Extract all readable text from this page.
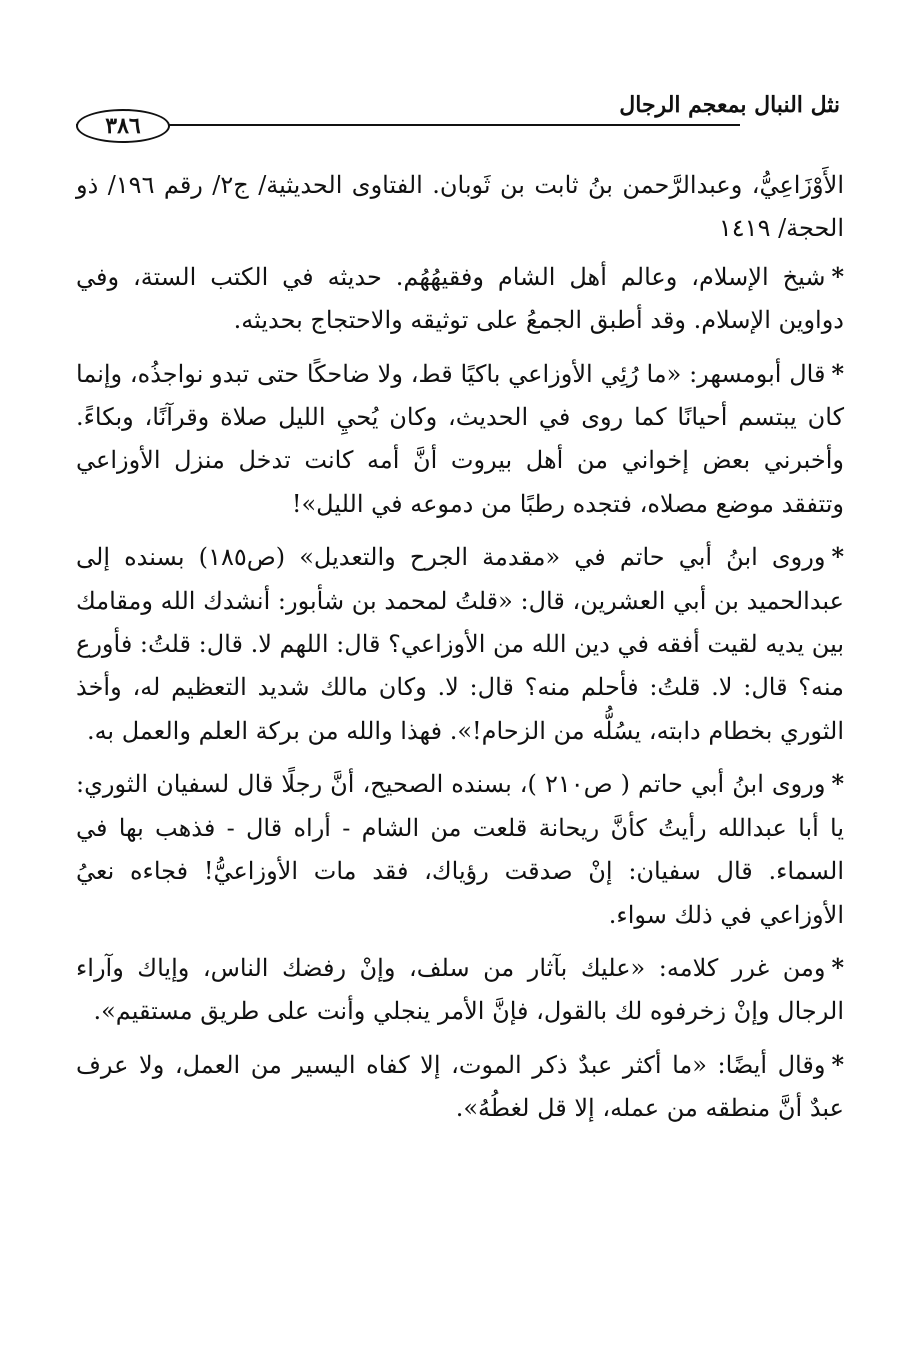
نثل النبال بمعجم الرجال
٣٨٦

الأَوْزَاعِيُّ، وعبدالرَّحمن بنُ ثابت بن ثَوبان. الفتاوى الحديثية/ ج٢/ رقم ١٩٦/ ذو الحجة/ ١٤١٩

*شيخ الإسلام، وعالم أهل الشام وفقيهُهُم. حديثه في الكتب الستة، وفي دواوين الإسلام. وقد أطبق الجمعُ على توثيقه والاحتجاج بحديثه.

*قال أبومسهر: «ما رُئِي الأوزاعي باكيًا قط، ولا ضاحكًا حتى تبدو نواجذُه، وإنما كان يبتسم أحيانًا كما روى في الحديث، وكان يُحيِ الليل صلاة وقرآنًا، وبكاءً. وأخبرني بعض إخواني من أهل بيروت أنَّ أمه كانت تدخل منزل الأوزاعي وتتفقد موضع مصلاه، فتجده رطبًا من دموعه في الليل»!

*وروى ابنُ أبي حاتم في «مقدمة الجرح والتعديل» (ص١٨٥) بسنده إلى عبدالحميد بن أبي العشرين، قال: «قلتُ لمحمد بن شأبور: أنشدك الله ومقامك بين يديه لقيت أفقه في دين الله من الأوزاعي؟ قال: اللهم لا. قال: قلتُ: فأورع منه؟ قال: لا. قلتُ: فأحلم منه؟ قال: لا. وكان مالك شديد التعظيم له، وأخذ الثوري بخطام دابته، يسُلُّه من الزحام!». فهذا والله من بركة العلم والعمل به.

*وروى ابنُ أبي حاتم ( ص٢١٠ )، بسنده الصحيح، أنَّ رجلًا قال لسفيان الثوري: يا أبا عبدالله رأيتُ كأنَّ ريحانة قلعت من الشام - أراه قال - فذهب بها في السماء. قال سفيان: إنْ صدقت رؤياك، فقد مات الأوزاعيُّ! فجاءه نعيُ الأوزاعي في ذلك سواء.

*ومن غرر كلامه: «عليك بآثار من سلف، وإنْ رفضك الناس، وإياك وآراء الرجال وإنْ زخرفوه لك بالقول، فإنَّ الأمر ينجلي وأنت على طريق مستقيم».

*وقال أيضًا: «ما أكثر عبدٌ ذكر الموت، إلا كفاه اليسير من العمل، ولا عرف عبدٌ أنَّ منطقه من عمله، إلا قل لغطُهُ».
